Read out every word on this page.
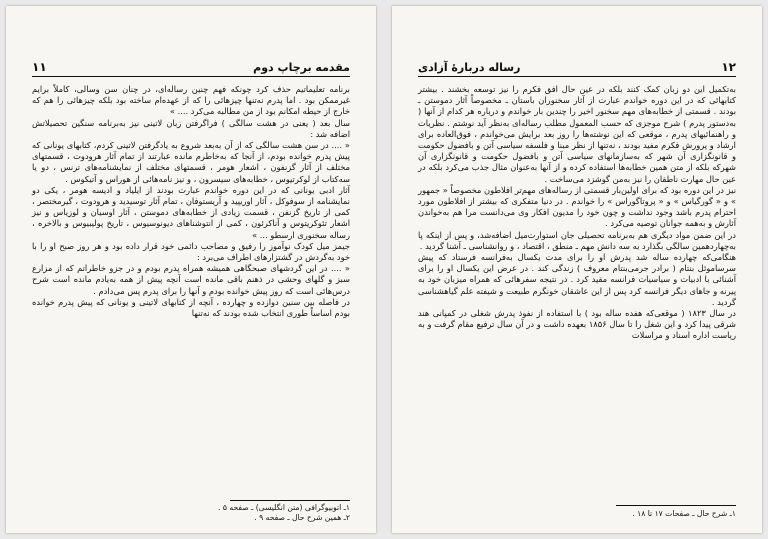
١١	مقدمه برچاپ دوم

برنامه تعلیماتیم حذف کرد چونکه فهم چنین رساله‌ای، در چنان سن وسالی، کاملاً برایم غیرممکن بود . اما پدرم نه‌تنها چیزهائی را که از عهده‌ام ساخته بود بلکه چیزهائی را هم که خارج از حیطه امکانم بود از من مطالبه می‌کرد .... »

سال بعد ( یعنی در هشت سالگی ) فراگرفتن زبان لاتینی نیز به‌برنامه سنگین تحصیلاتش اضافه شد :

« .... در سن هشت سالگی که از آن به‌بعد شروع به یادگرفتن لاتینی کردم، کتابهای یونانی که پیش پدرم خوانده بودم، از آنجا که به‌خاطرم مانده عبارتند از تمام آثار هرودوت ، قسمتهای مختلف از آثار گزنفون ، اشعار هومر ، قسمتهای مختلف از نمایشنامه‌های ترنس ، دو یا سه‌کتاب از لوکرتیوس ، خطابه‌های سیسرون ، و نیز نامه‌هائی از هوراس و آتیکوس .

آثار ادبی یونانی که در این دوره خواندم عبارت بودند از ایلیاد و ادیسه هومر ، یکی دو نمایشنامه از سوفوکل ، آثار اوریپید و آریستوفان ، تمام آثار توسیدید و هرودوت ، گیرمختصر ، کمی از تاریخ گزنفن ، قسمت زیادی از خطابه‌های دموستن ، آثار اوسیان و لوزیاس و نیز اشعار تئوکریتوس و آناکرئون ، کمی از انتوشناهای دیونوسیوس ، تاریخ پولیبیوس و بالاخره ، رساله سخنوری ارسطو ... »

جیمز میل کودک نوآموز را رفیق و مصاحب دائمی خود قرار داده بود و هر روز صبح او را با خود به‌گردش در گشتزارهای اطراف می‌برد :

« .... در این گردشهای صبحگاهی همیشه همراه پدرم بودم و در جزو خاطراتم که از مزارع سبز و گلهای وحشی در ذهنم باقی مانده است آنچه پیش از همه به‌یادم مانده است شرح درس‌هائی است که روز پیش خوانده بودم و آنها را برای پدرم پس می‌دادم .

در فاصله بین سنین دوازده و چهارده ، آنچه از کتابهای لاتینی و یونانی که پیش پدرم خوانده بودم اساساً طوری انتخاب شده بودند که نه‌تنها

۱ـ اتوبیوگرافی (متن انگلیسی) ـ صفحه ۵ .
۲ـ همین شرح حال ـ صفحه ۹ .
رساله دربارهٔ آزادی	١٢

به‌تکمیل این دو زبان کمک کنند بلکه در عین حال افق فکرم را نیز توسعه بخشند . بیشتر کتابهائی که در این دوره خواندم عبارت از آثار سخنوران باستان ـ مخصوصاً آثار دموستن ـ بودند . قسمتی از خطابه‌های مهم سخنور اخیر را چندین بار خواندم و درباره هر کدام از آنها ( به‌دستور پدرم ) شرح موجزی که حسب المعمول مطلب رساله‌ای به‌نظر آید نوشتم . نظریات و راهنمائیهای پدرم ، موقعی که این نوشته‌ها را روز بعد برایش می‌خواندم ، فوق‌العاده برای ارشاد و پرورش فکرم مفید بودند ، نه‌تنها از نظر مبنا و فلسفه سیاسی آتن و بافضول حکومت و قانونگزاری آن شهر که به‌سازمانهای سیاسی آتن و بافضول حکومت و قانونگزاری آن شهرکه بلکه از متن همین خطابه‌ها استفاده کرده و از آنها به‌عنوان مثال جذب می‌کرد بلکه در عین حال مهارت ناطقان را نیز به‌من گوشزد می‌ساخت .

نیز در این دوره بود که برای اولین‌بار قسمتی از رساله‌های مهم‌تر افلاطون مخصوصاً « جمهور » و « گورگیاس » و « پروتاگوراس » را خواندم . در دنیا متفکری که بیشتر از افلاطون مورد احترام پدرم باشد وجود نداشت و چون خود را مدیون افکار وی می‌دانست مرا هم به‌خواندن آثارش و به‌همه جوانان توصیه می‌کرد .

در این ضمن مواد دیگری هم به‌برنامه تحصیلی جان استوارت‌میل اضافه‌شد، و پس از اینکه پا به‌چهاردهمین سالگی بگذارد به سه دانش مهم ـ منطق ، اقتصاد ، و روانشناسی ـ آشنا گردید .

هنگامی‌که چهارده ساله شد پدرش او را برای مدت یکسال به‌فرانسه فرستاد که پیش سرساموئل بنتام ( برادر جرمی‌بنتام معروف ) زندگی کند . در عرض این یکسال او را برای آشنائی با ادبیات و سیاسیات فرانسه مقید کرد . در نتیجه سفرهائی که همراه میزبان خود به پیرنه و جاهای دیگر فرانسه کرد پس از این عاشقان خونگرم طبیعت و شیفته علم گیاهشناسی گردید .

در سال ۱۸۲۳ ( موقعی‌که هفده ساله بود ) با استفاده از نفوذ پدرش شغلی در کمپانی هند شرقی پیدا کرد و این شغل را تا سال ۱۸۵۶ بعهده داشت و در آن سال ترفیع مقام گرفت و به ریاست اداره اسناد و مراسلات

۱ـ شرح حال ـ صفحات ۱۷ تا ۱۸ .
